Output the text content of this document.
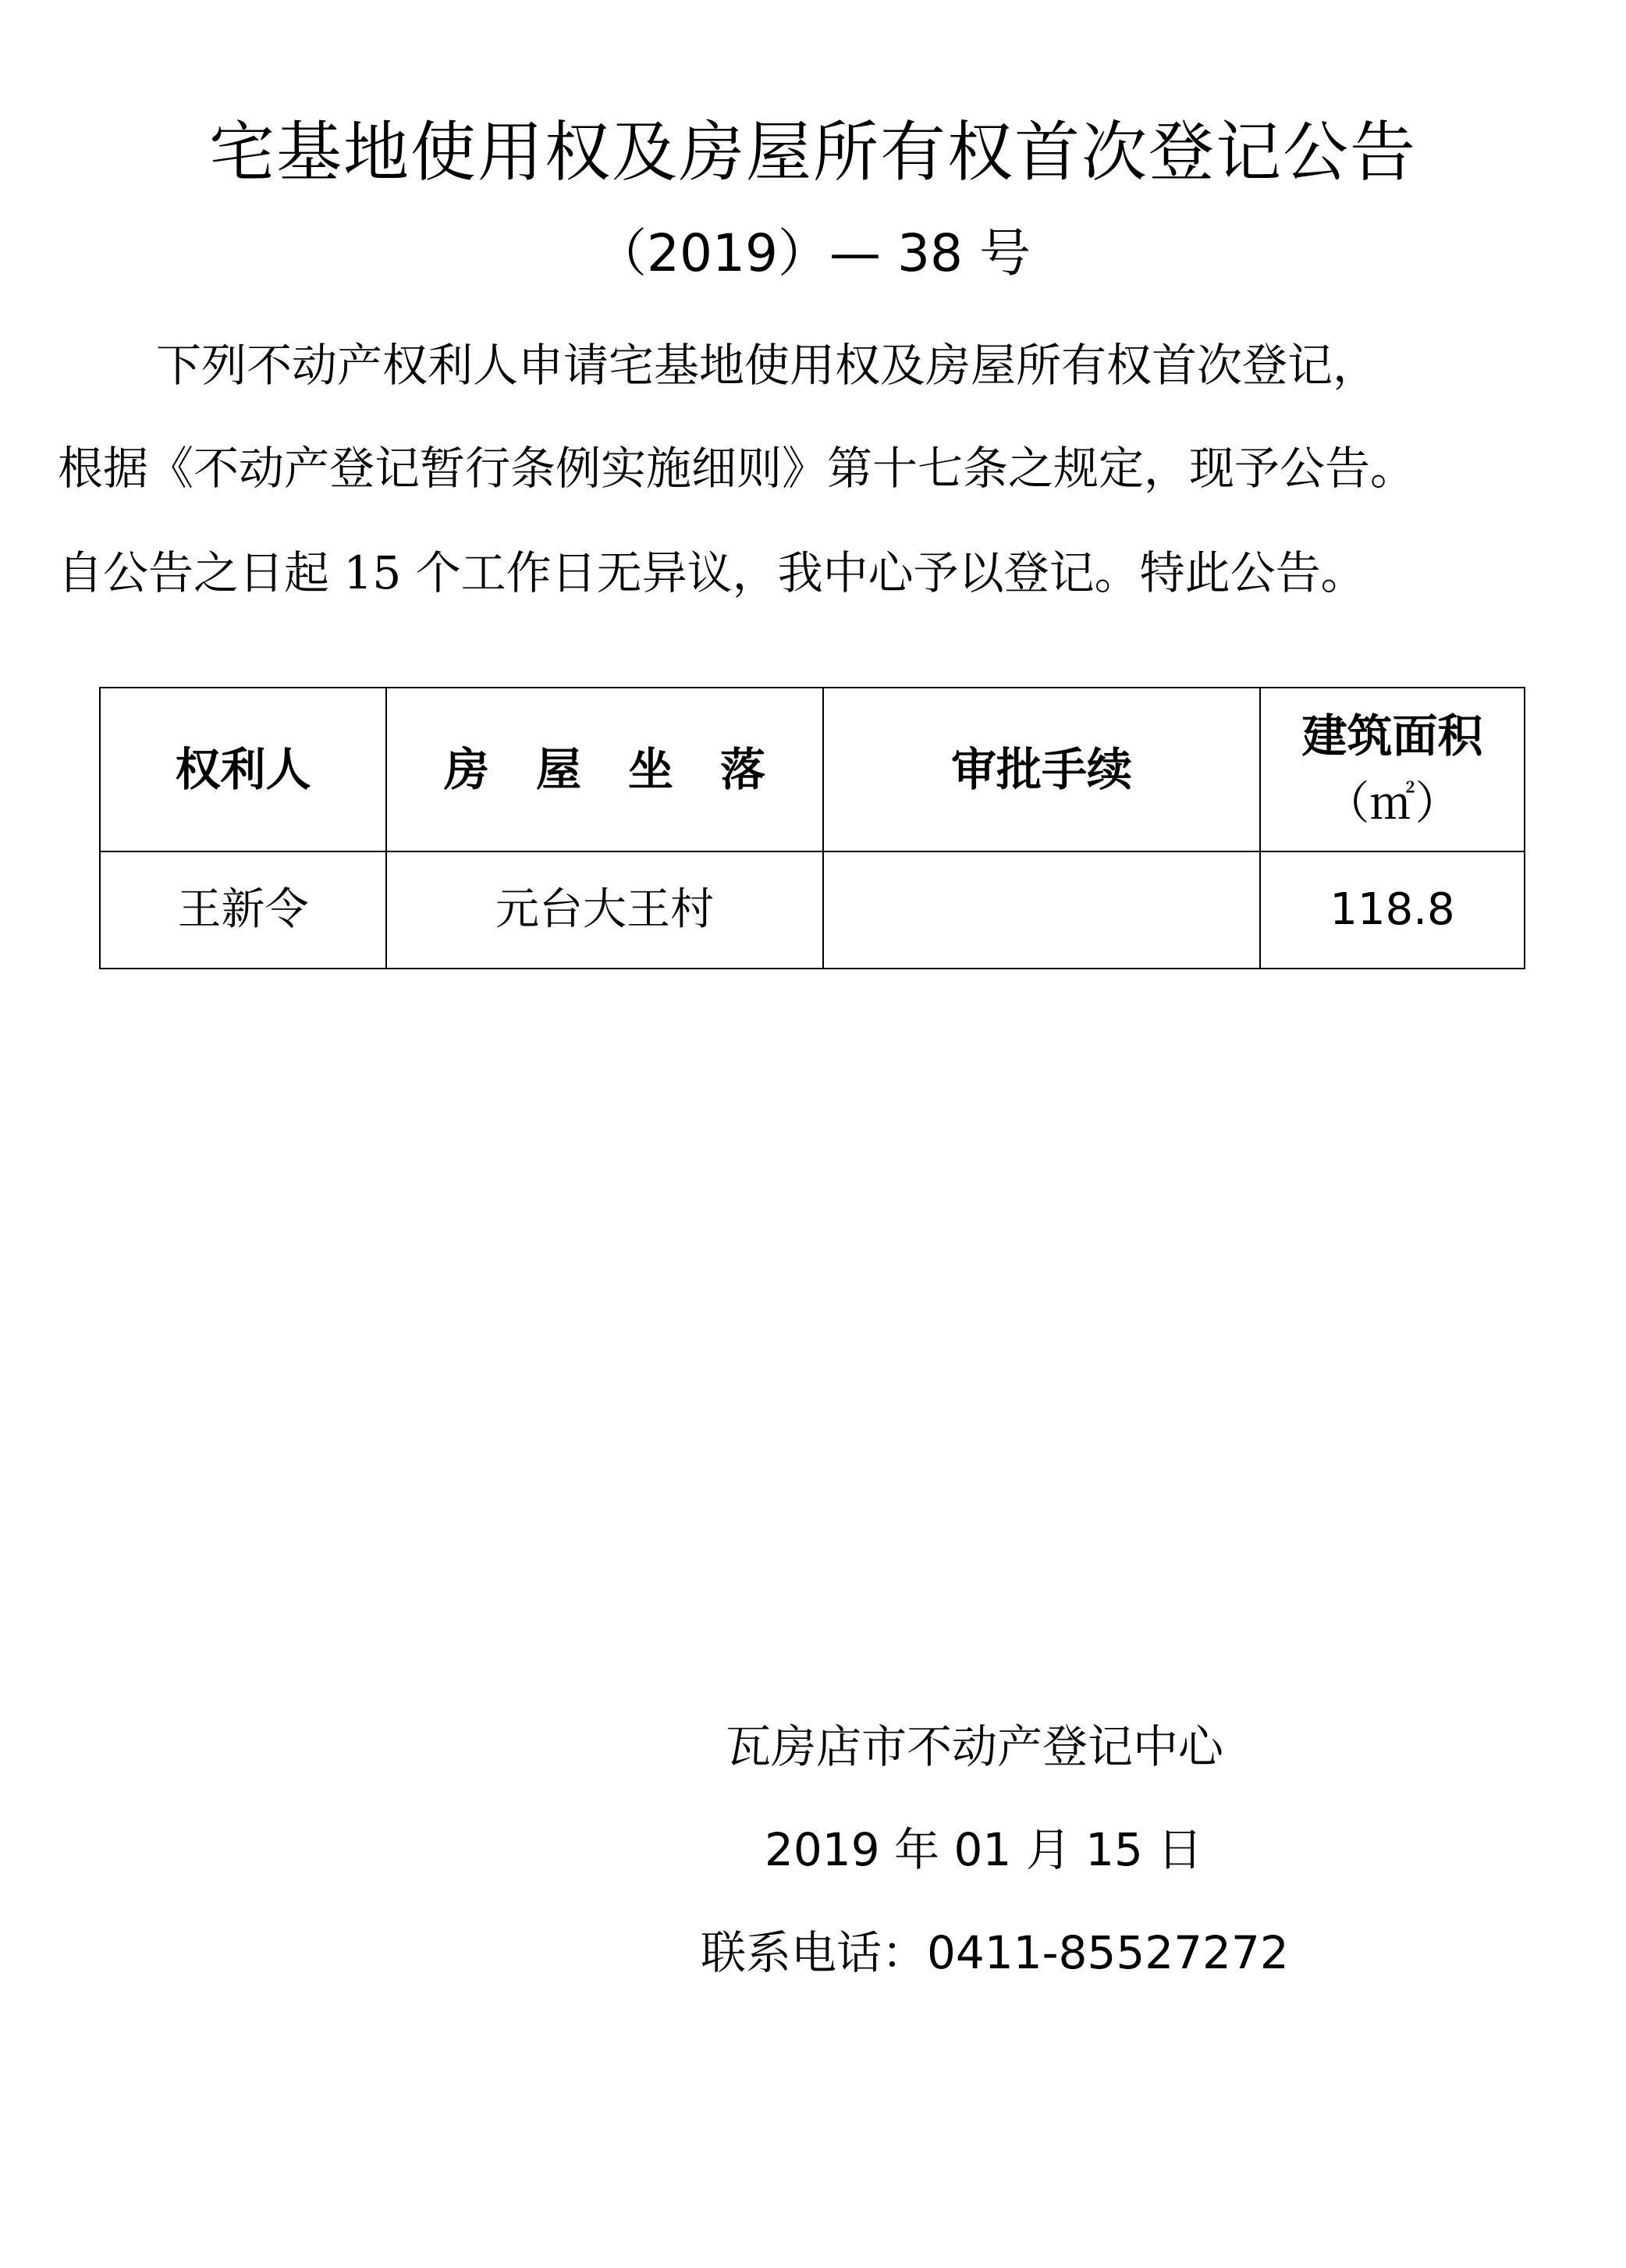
宅基地使用权及房屋所有权首次登记公告
（2019）— 38 号
下列不动产权利人申请宅基地使用权及房屋所有权首次登记，
根据《不动产登记暂行条例实施细则》第十七条之规定，现予公告。
自公告之日起 15 个工作日无异议，我中心予以登记。特此公告。
权利人	房屋坐落	审批手续	建筑面积
（㎡）

王新令	元台大王村		118.8
瓦房店市不动产登记中心
2019 年 01 月 15 日
联系电话：0411-85527272
